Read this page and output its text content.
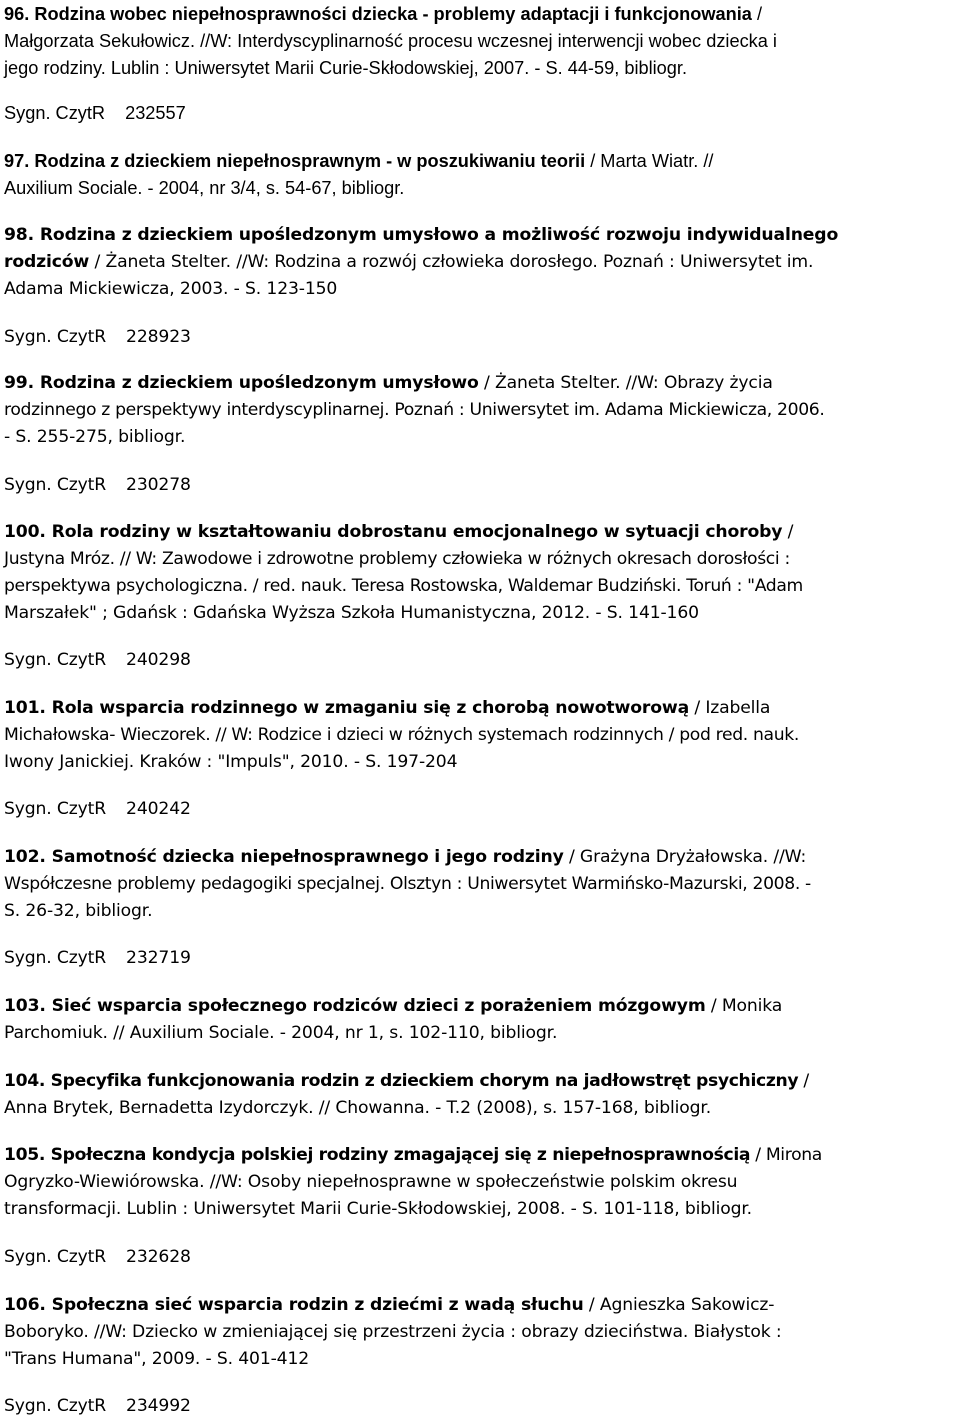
96. Rodzina wobec niepełnosprawności dziecka - problemy adaptacji i funkcjonowania /
Małgorzata Sekułowicz. //W: Interdyscyplinarność procesu wczesnej interwencji wobec dziecka i
jego rodziny. Lublin : Uniwersytet Marii Curie-Skłodowskiej, 2007. - S. 44-59, bibliogr.
Sygn. CzytR 232557
97. Rodzina z dzieckiem niepełnosprawnym - w poszukiwaniu teorii / Marta Wiatr. //
Auxilium Sociale. - 2004, nr 3/4, s. 54-67, bibliogr.
98. Rodzina z dzieckiem upośledzonym umysłowo a możliwość rozwoju indywidualnego
rodziców / Żaneta Stelter. //W: Rodzina a rozwój człowieka dorosłego. Poznań : Uniwersytet im.
Adama Mickiewicza, 2003. - S. 123-150
Sygn. CzytR 228923
99. Rodzina z dzieckiem upośledzonym umysłowo / Żaneta Stelter. //W: Obrazy życia
rodzinnego z perspektywy interdyscyplinarnej. Poznań : Uniwersytet im. Adama Mickiewicza, 2006.
- S. 255-275, bibliogr.
Sygn. CzytR 230278
100. Rola rodziny w kształtowaniu dobrostanu emocjonalnego w sytuacji choroby /
Justyna Mróz. // W: Zawodowe i zdrowotne problemy człowieka w różnych okresach dorosłości :
perspektywa psychologiczna. / red. nauk. Teresa Rostowska, Waldemar Budziński. Toruń : "Adam
Marszałek" ; Gdańsk : Gdańska Wyższa Szkoła Humanistyczna, 2012. - S. 141-160
Sygn. CzytR 240298
101. Rola wsparcia rodzinnego w zmaganiu się z chorobą nowotworową / Izabella
Michałowska- Wieczorek. // W: Rodzice i dzieci w różnych systemach rodzinnych / pod red. nauk.
Iwony Janickiej. Kraków : "Impuls", 2010. - S. 197-204
Sygn. CzytR 240242
102. Samotność dziecka niepełnosprawnego i jego rodziny / Grażyna Dryżałowska. //W:
Współczesne problemy pedagogiki specjalnej. Olsztyn : Uniwersytet Warmińsko-Mazurski, 2008. -
S. 26-32, bibliogr.
Sygn. CzytR 232719
103. Sieć wsparcia społecznego rodziców dzieci z porażeniem mózgowym / Monika
Parchomiuk. // Auxilium Sociale. - 2004, nr 1, s. 102-110, bibliogr.
104. Specyfika funkcjonowania rodzin z dzieckiem chorym na jadłowstręt psychiczny /
Anna Brytek, Bernadetta Izydorczyk. // Chowanna. - T.2 (2008), s. 157-168, bibliogr.
105. Społeczna kondycja polskiej rodziny zmagającej się z niepełnosprawnością / Mirona
Ogryzko-Wiewiórowska. //W: Osoby niepełnosprawne w społeczeństwie polskim okresu
transformacji. Lublin : Uniwersytet Marii Curie-Skłodowskiej, 2008. - S. 101-118, bibliogr.
Sygn. CzytR 232628
106. Społeczna sieć wsparcia rodzin z dziećmi z wadą słuchu / Agnieszka Sakowicz-
Boboryko. //W: Dziecko w zmieniającej się przestrzeni życia : obrazy dzieciństwa. Białystok :
"Trans Humana", 2009. - S. 401-412
Sygn. CzytR 234992
